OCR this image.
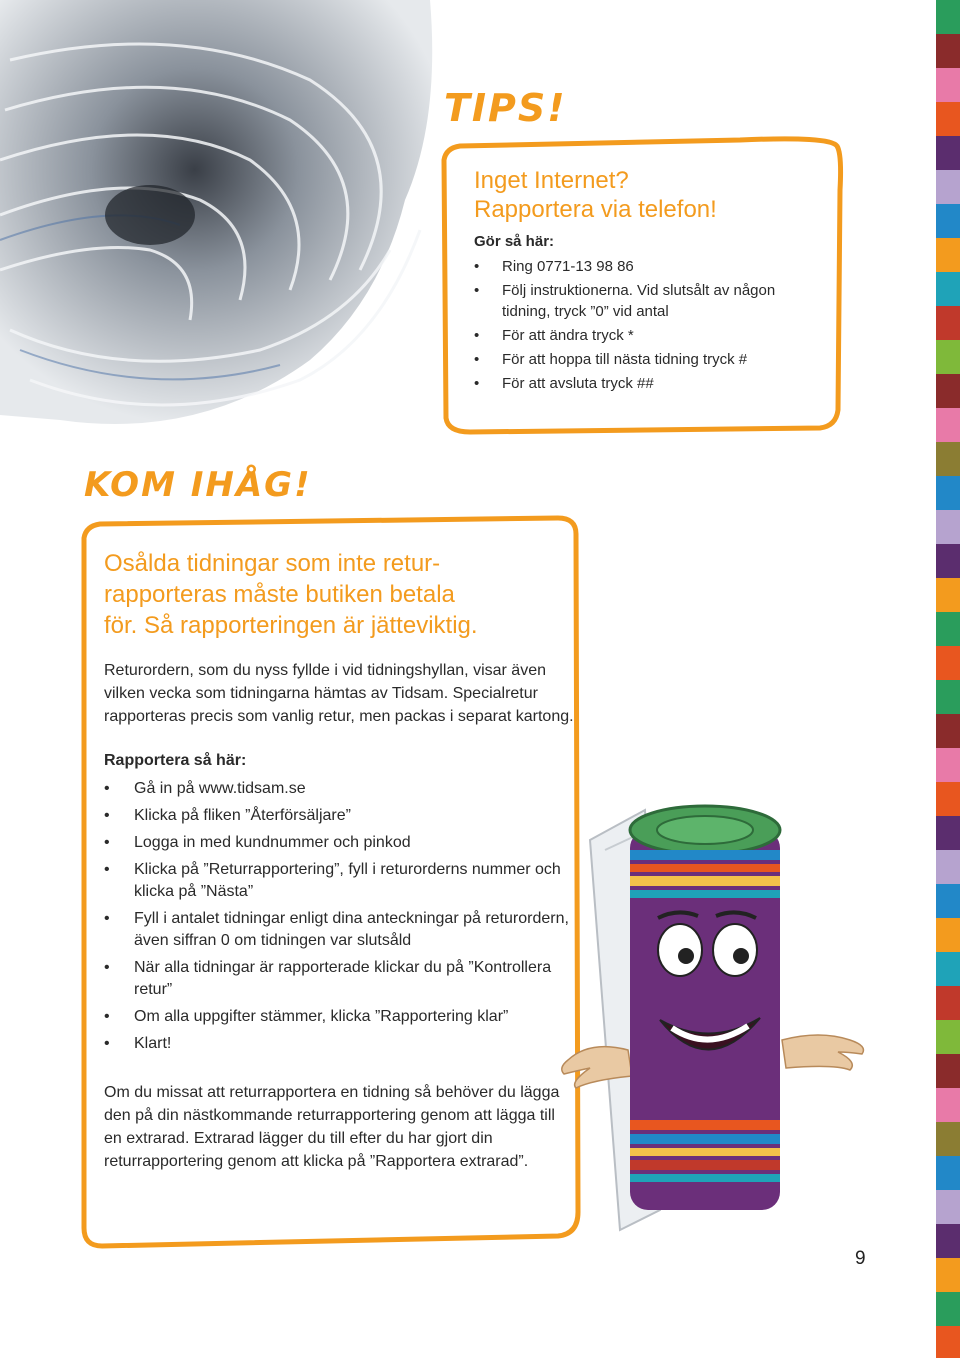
TIPS!
Inget Internet?
Rapportera via telefon!
Gör så här:
• Ring 0771-13 98 86
• Följ instruktionerna. Vid slutsålt av någon tidning, tryck ”0” vid antal
• För att ändra tryck *
• För att hoppa till nästa tidning tryck #
• För att avsluta tryck ##
KOM IHÅG!
Osålda tidningar som inte retur-
rapporteras måste butiken betala
för. Så rapporteringen är jätteviktig.

Returordern, som du nyss fyllde i vid tidningshyllan, visar även vilken vecka som tidningarna hämtas av Tidsam. Specialretur rapporteras precis som vanlig retur, men packas i separat kartong.

Rapportera så här:
• Gå in på www.tidsam.se
• Klicka på fliken ”Återförsäljare”
• Logga in med kundnummer och pinkod
• Klicka på ”Returrapportering”, fyll i returorderns nummer och klicka på ”Nästa”
• Fyll i antalet tidningar enligt dina anteckningar på returordern, även siffran 0 om tidningen var slutsåld
• När alla tidningar är rapporterade klickar du på ”Kontrollera retur”
• Om alla uppgifter stämmer, klicka ”Rapportering klar”
• Klart!

Om du missat att returrapportera en tidning så behöver du lägga den på din nästkommande returrapportering genom att lägga till en extrarad. Extrarad lägger du till efter du har gjort din returrapportering genom att klicka på ”Rapportera extrarad”.

9
